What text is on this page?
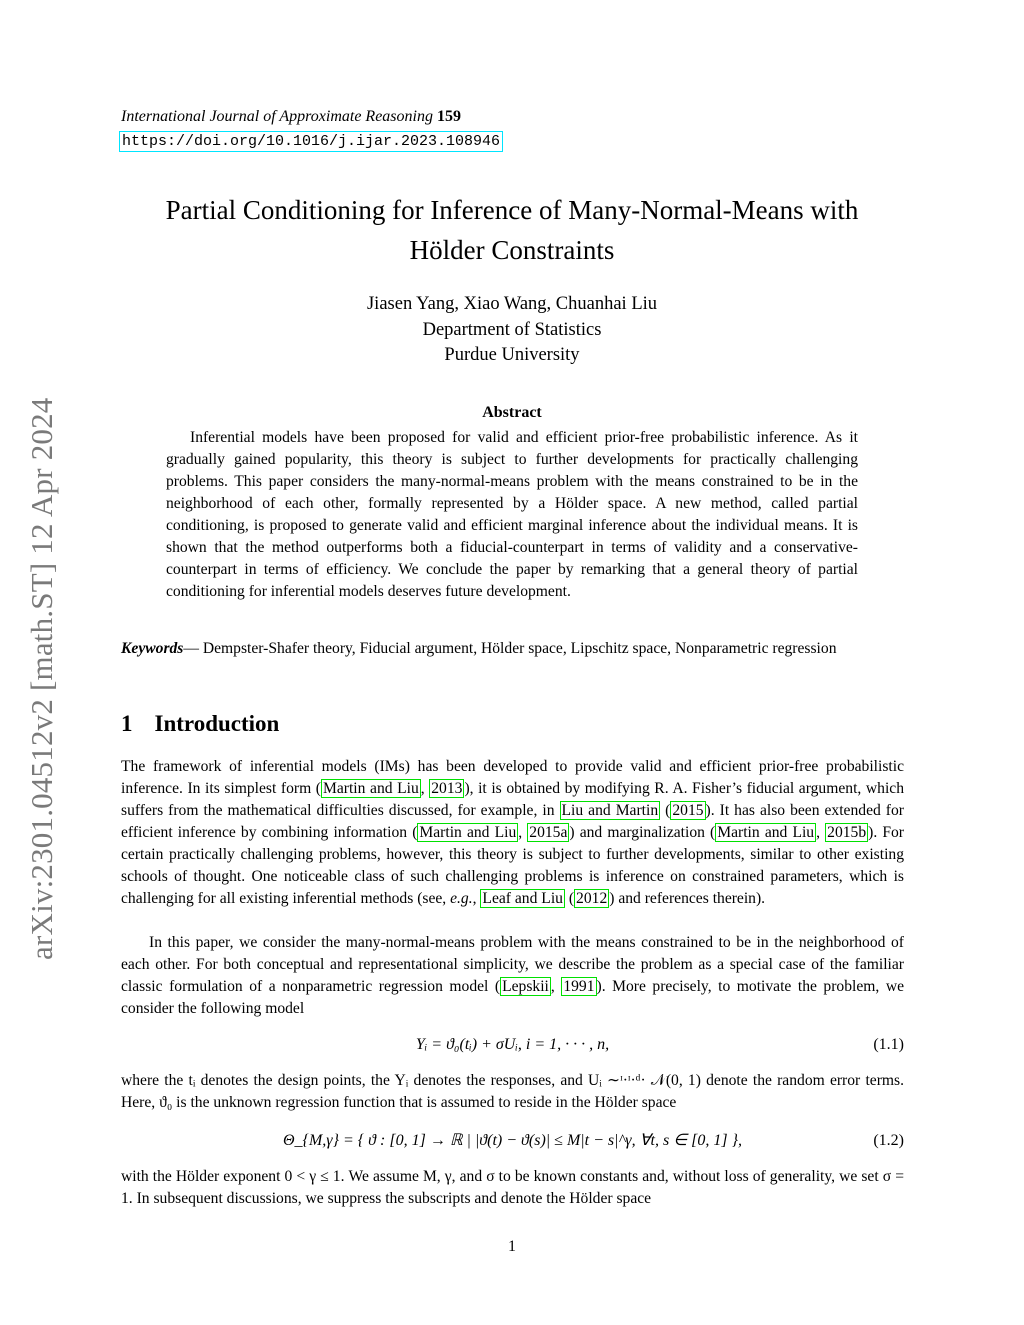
arXiv:2301.04512v2 [math.ST] 12 Apr 2024
International Journal of Approximate Reasoning 159
https://doi.org/10.1016/j.ijar.2023.108946
Partial Conditioning for Inference of Many-Normal-Means with
Hölder Constraints
Jiasen Yang, Xiao Wang, Chuanhai Liu
Department of Statistics
Purdue University
Abstract

Inferential models have been proposed for valid and efficient prior-free probabilistic inference. As it gradually gained popularity, this theory is subject to further developments for practically challenging problems. This paper considers the many-normal-means problem with the means constrained to be in the neighborhood of each other, formally represented by a Hölder space. A new method, called partial conditioning, is proposed to generate valid and efficient marginal inference about the individual means. It is shown that the method outperforms both a fiducial-counterpart in terms of validity and a conservative-counterpart in terms of efficiency. We conclude the paper by remarking that a general theory of partial conditioning for inferential models deserves future development.

Keywords— Dempster-Shafer theory, Fiducial argument, Hölder space, Lipschitz space, Nonparametric regression

1 Introduction

The framework of inferential models (IMs) has been developed to provide valid and efficient prior-free probabilistic inference. In its simplest form ( Martin and Liu , 2013 ), it is obtained by modifying R. A. Fisher’s fiducial argument, which suffers from the mathematical difficulties discussed, for example, in Liu and Martin ( 2015 ). It has also been extended for efficient inference by combining information ( Martin and Liu , 2015a ) and marginalization ( Martin and Liu , 2015b ). For certain practically challenging problems, however, this theory is subject to further developments, similar to other existing schools of thought. One noticeable class of such challenging problems is inference on constrained parameters, which is challenging for all existing inferential methods (see, e.g., Leaf and Liu ( 2012 ) and references therein).

In this paper, we consider the many-normal-means problem with the means constrained to be in the neighborhood of each other. For both conceptual and representational simplicity, we describe the problem as a special case of the familiar classic formulation of a nonparametric regression model ( Lepskii , 1991 ). More precisely, to motivate the problem, we consider the following model

Yᵢ = ϑ₀(tᵢ) + σUᵢ, i = 1, · · · , n,	(1.1)

where the tᵢ denotes the design points, the Yᵢ denotes the responses, and Uᵢ ∼ᶦ·ᶦ·ᵈ· 𝒩(0, 1) denote the random error terms. Here, ϑ₀ is the unknown regression function that is assumed to reside in the Hölder space

Θ_{M,γ} = { ϑ : [0, 1] → ℝ | |ϑ(t) − ϑ(s)| ≤ M|t − s|^γ, ∀t, s ∈ [0, 1] },	(1.2)

with the Hölder exponent 0 < γ ≤ 1. We assume M, γ, and σ to be known constants and, without loss of generality, we set σ = 1. In subsequent discussions, we suppress the subscripts and denote the Hölder space

1
